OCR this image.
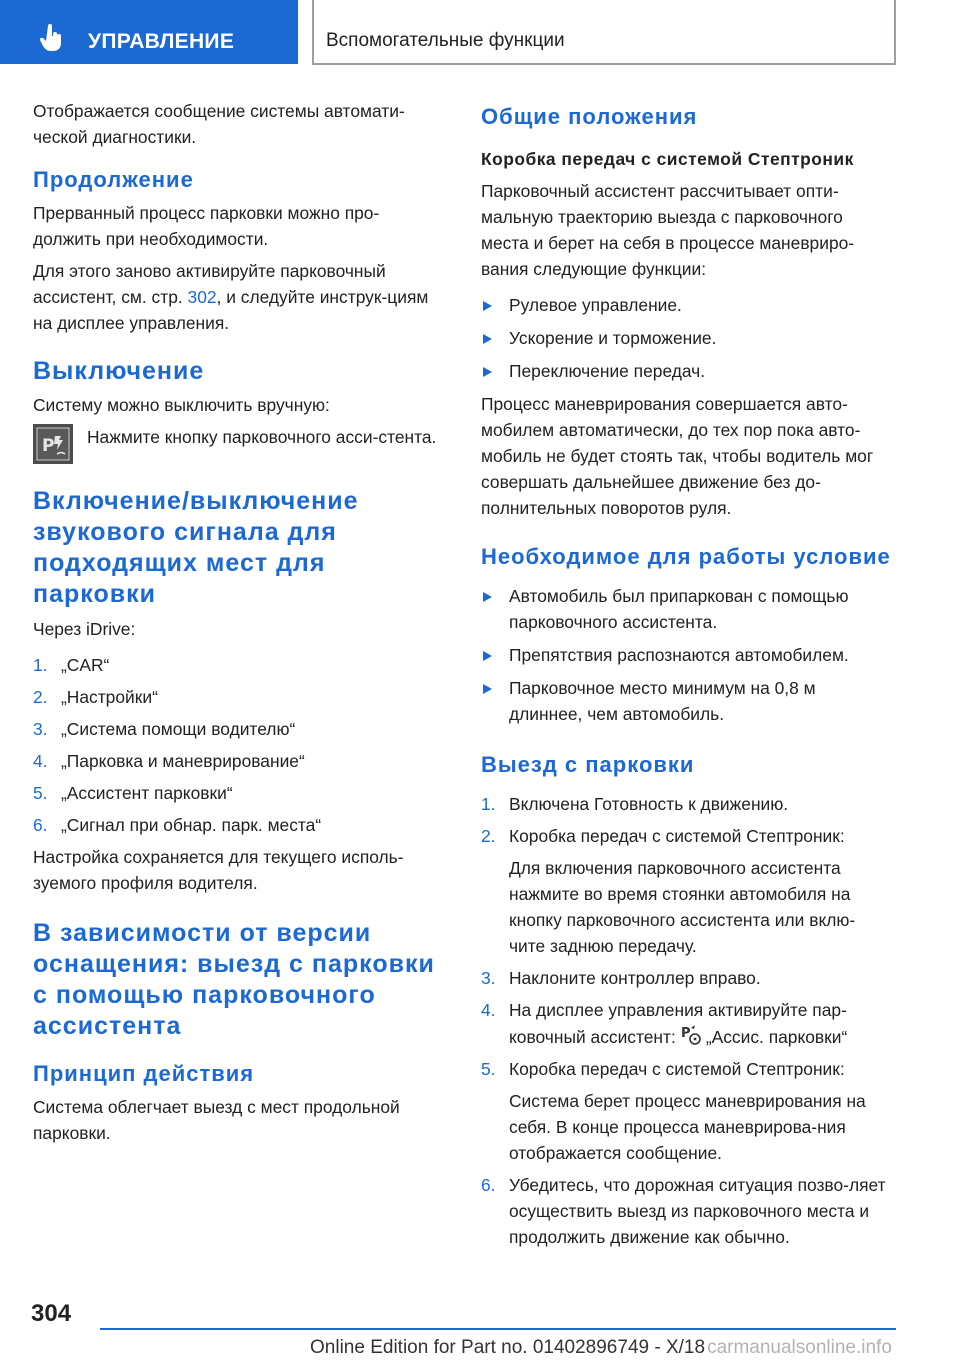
УПРАВЛЕНИЕ	Вспомогательные функции

Отображается сообщение системы автомати-ческой диагностики.

Продолжение

Прерванный процесс парковки можно про-должить при необходимости.

Для этого заново активируйте парковочный ассистент, см. стр. 302, и следуйте инструк-циям на дисплее управления.

Выключение

Систему можно выключить вручную:

P Нажмите кнопку парковочного асси-стента.

Включение/выключение звукового сигнала для подходящих мест для парковки

Через iDrive:

1. „CAR“
2. „Настройки“
3. „Система помощи водителю“
4. „Парковка и маневрирование“
5. „Ассистент парковки“
6. „Сигнал при обнар. парк. места“

Настройка сохраняется для текущего исполь-зуемого профиля водителя.

В зависимости от версии оснащения: выезд с парковки с помощью парковочного ассистента
Принцип действия

Система облегчает выезд с мест продольной парковки.

Общие положения

Коробка передач с системой Стептроник

Парковочный ассистент рассчитывает опти-мальную траекторию выезда с парковочного места и берет на себя в процессе маневриро-вания следующие функции:

Рулевое управление.
Ускорение и торможение.
Переключение передач.

Процесс маневрирования совершается авто-мобилем автоматически, до тех пор пока авто-мобиль не будет стоять так, чтобы водитель мог совершать дальнейшее движение без до-полнительных поворотов руля.

Необходимое для работы условие
Автомобиль был припаркован с помощью парковочного ассистента.
Препятствия распознаются автомобилем.
Парковочное место минимум на 0,8 м длиннее, чем автомобиль.
Выезд с парковки
1. Включена Готовность к движению.
2. Коробка передач с системой Стептроник:
Для включения парковочного ассистента нажмите во время стоянки автомобиля на кнопку парковочного ассистента или вклю-чите заднюю передачу.
3. Наклоните контроллер вправо.
4. На дисплее управления активируйте пар-ковочный ассистент: P „Ассис. парковки“
5. Коробка передач с системой Стептроник:
Система берет процесс маневрирования на себя. В конце процесса маневрирова-ния отображается сообщение.
6. Убедитесь, что дорожная ситуация позво-ляет осуществить выезд из парковочного места и продолжить движение как обычно.
304
Online Edition for Part no. 01402896749 - X/18 carmanualsonline.info
